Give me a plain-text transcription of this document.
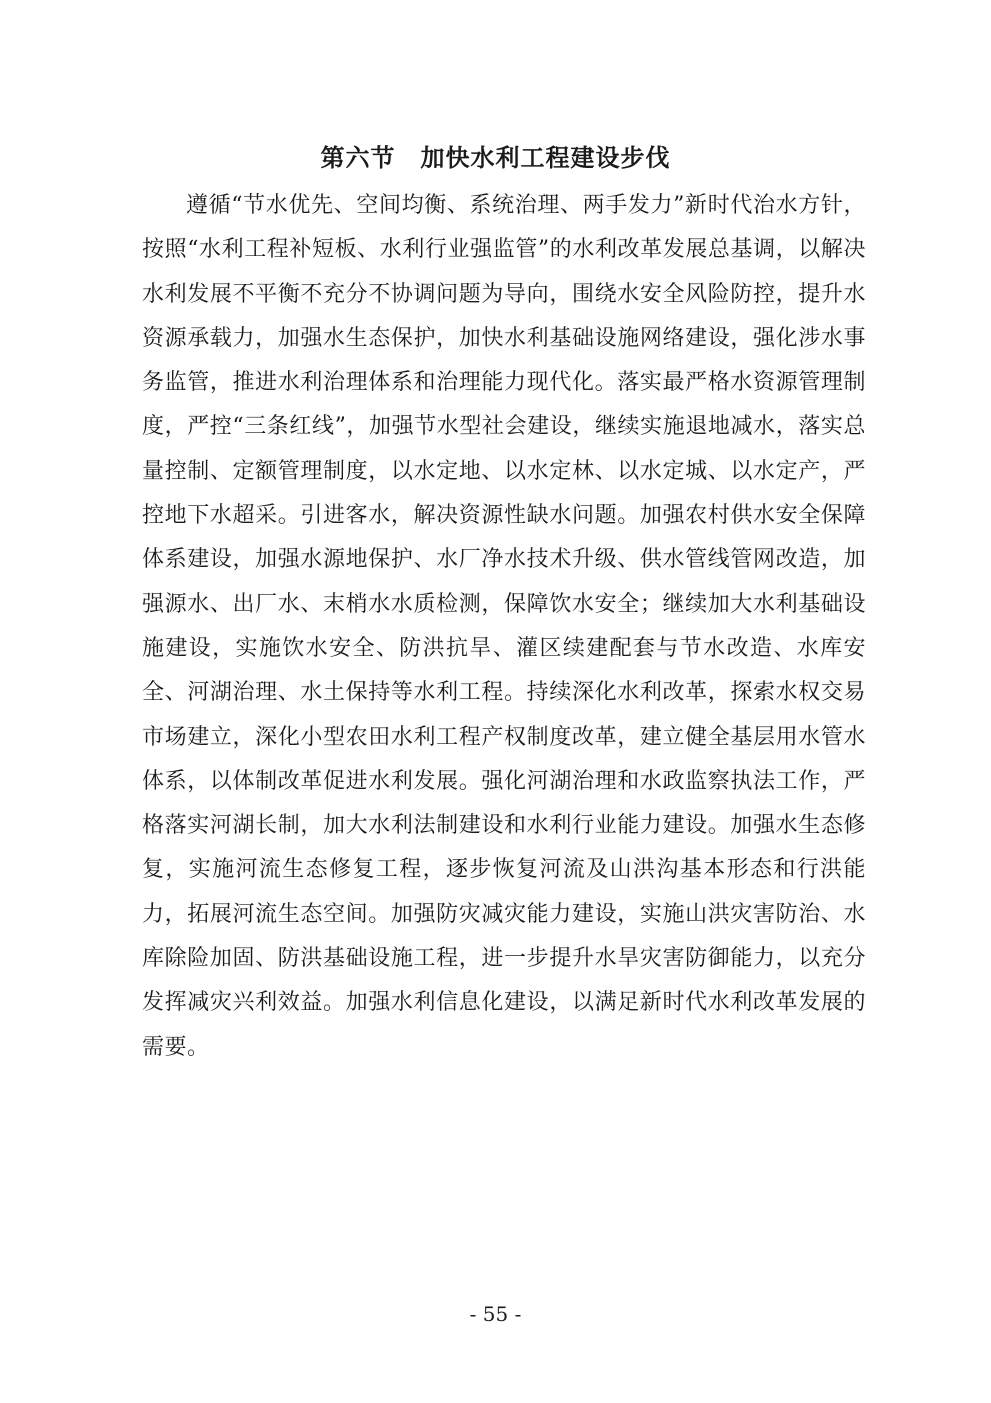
第六节　加快水利工程建设步伐

遵循“节水优先、空间均衡、系统治理、两手发力”新时代治水方针，按照“水利工程补短板、水利行业强监管”的水利改革发展总基调，以解决水利发展不平衡不充分不协调问题为导向，围绕水安全风险防控，提升水资源承载力，加强水生态保护，加快水利基础设施网络建设，强化涉水事务监管，推进水利治理体系和治理能力现代化。落实最严格水资源管理制度，严控“三条红线”，加强节水型社会建设，继续实施退地减水，落实总量控制、定额管理制度，以水定地、以水定林、以水定城、以水定产，严控地下水超采。引进客水，解决资源性缺水问题。加强农村供水安全保障体系建设，加强水源地保护、水厂净水技术升级、供水管线管网改造，加强源水、出厂水、末梢水水质检测，保障饮水安全；继续加大水利基础设施建设，实施饮水安全、防洪抗旱、灌区续建配套与节水改造、水库安全、河湖治理、水土保持等水利工程。持续深化水利改革，探索水权交易市场建立，深化小型农田水利工程产权制度改革，建立健全基层用水管水体系，以体制改革促进水利发展。强化河湖治理和水政监察执法工作，严格落实河湖长制，加大水利法制建设和水利行业能力建设。加强水生态修复，实施河流生态修复工程，逐步恢复河流及山洪沟基本形态和行洪能力，拓展河流生态空间。加强防灾减灾能力建设，实施山洪灾害防治、水库除险加固、防洪基础设施工程，进一步提升水旱灾害防御能力，以充分发挥减灾兴利效益。加强水利信息化建设，以满足新时代水利改革发展的需要。

- 55 -
